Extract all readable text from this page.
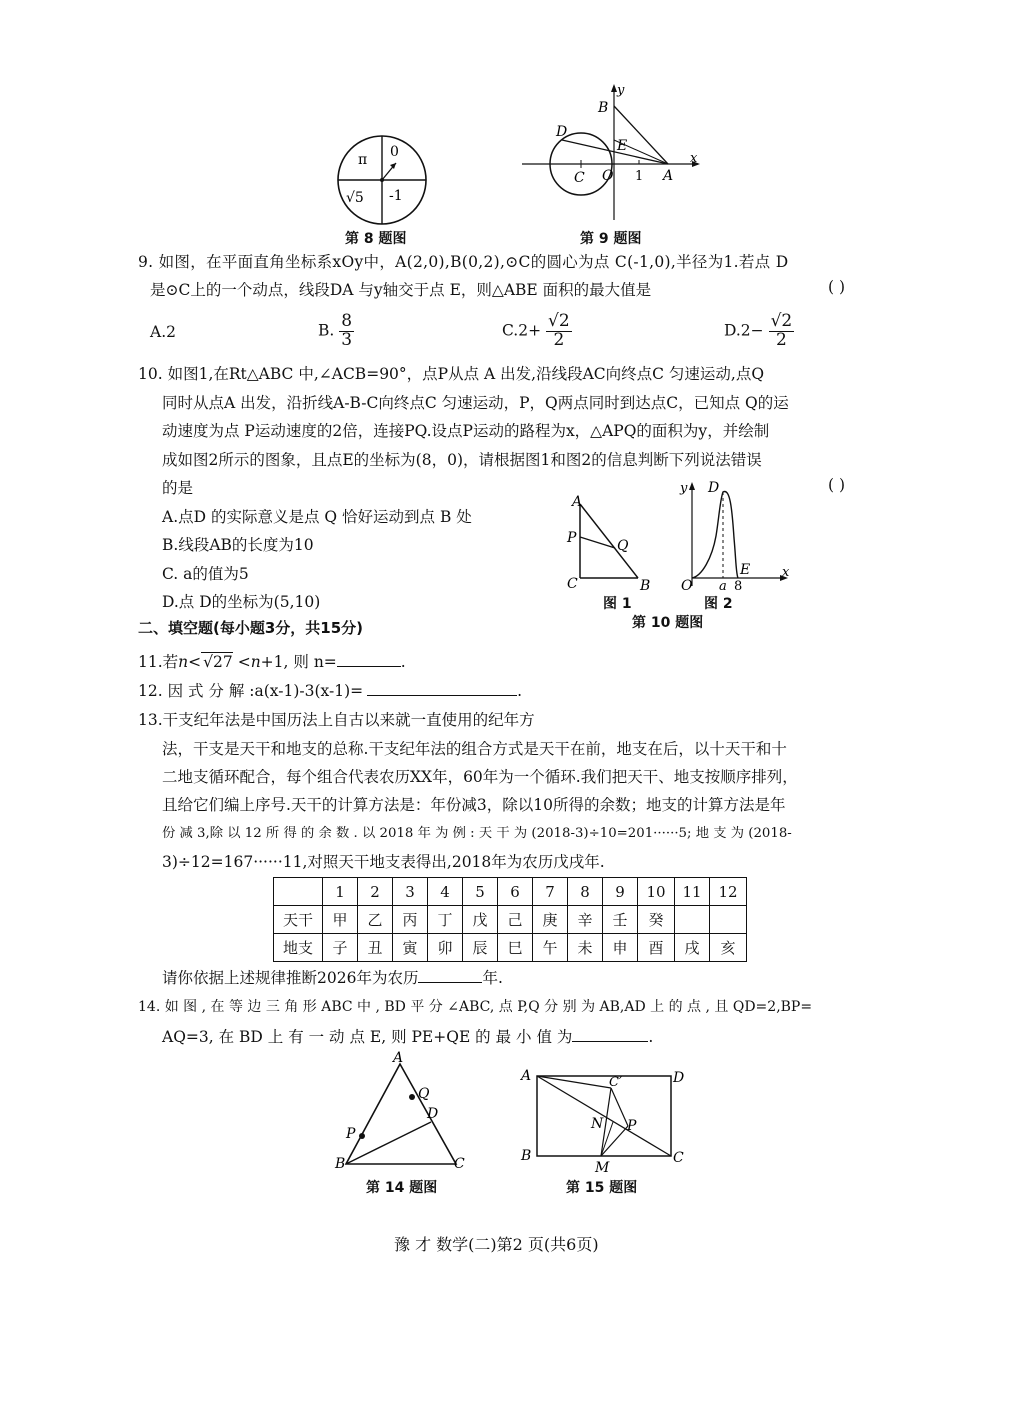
π 0
√5 -1
第 8 题图
y
x
B
D
E
C O 1 A
第 9 题图
9. 如图，在平面直角坐标系xOy中，A(2,0),B(0,2),⊙C的圆心为点 C(-1,0),半径为1.若点 D
是⊙C上的一个动点，线段DA 与y轴交于点 E，则△ABE 面积的最大值是	( )
A.2	B. $\frac{8}{3}$	$C.2+ \frac{√2}{2}$	$D.2- \frac{√2}{2}$
10. 如图1,在Rt△ABC 中,∠ACB=90°，点P从点 A 出发,沿线段AC向终点C 匀速运动,点Q
同时从点A 出发，沿折线A-B-C向终点C 匀速运动，P，Q两点同时到达点C，已知点 Q的运
动速度为点 P运动速度的2倍，连接PQ.设点P运动的路程为x，△APQ的面积为y，并绘制
成如图2所示的图象，且点E的坐标为(8，0)，请根据图1和图2的信息判断下列说法错误
的是	( )
A.点D 的实际意义是点 Q 恰好运动到点 B 处
B.线段AB的长度为10
C. a的值为5
D.点 D的坐标为(5,10)
A
P	Q
C	B
图 1
y D
O a 8
E x
图 2
第 10 题图
二、填空题(每小题3分，共15分)
11.若n< √27 <n+1, 则 n=	.
12. 因 式 分 解 :a(x-1)-3(x-1)=	.
13.干支纪年法是中国历法上自古以来就一直使用的纪年方
法，干支是天干和地支的总称.干支纪年法的组合方式是天干在前，地支在后，以十天干和十
二地支循环配合，每个组合代表农历XX年，60年为一个循环.我们把天干、地支按顺序排列，
且给它们编上序号.天干的计算方法是：年份减3，除以10所得的余数；地支的计算方法是年
份 减 3,除 以 12 所 得 的 余 数 . 以 2018 年 为 例 : 天 干 为 (2018-3)÷10=201······5; 地 支 为 (2018-
3)÷12=167······11,对照天干地支表得出,2018年为农历戊戌年.
	1	2	3	4	5	6	7	8	9	10	11	12
天干	甲	乙	丙	丁	戊	己	庚	辛	壬	癸		
地支	子	丑	寅	卯	辰	巳	午	未	申	酉	戌	亥
请你依据上述规律推断2026年为农历	年.
14. 如 图 , 在 等 边 三 角 形 ABC 中 , BD 平 分 ∠ABC, 点 P,Q 分 别 为 AB,AD 上 的 点 , 且 QD=2,BP=
AQ=3, 在 BD 上 有 一 动 点 E, 则 PE+QE 的 最 小 值 为	.
A
Q
D
P
B	C
第 14 题图
A	D
C′
N P
B
M
C
第 15 题图
豫 才 数学(二)第2 页(共6页)
